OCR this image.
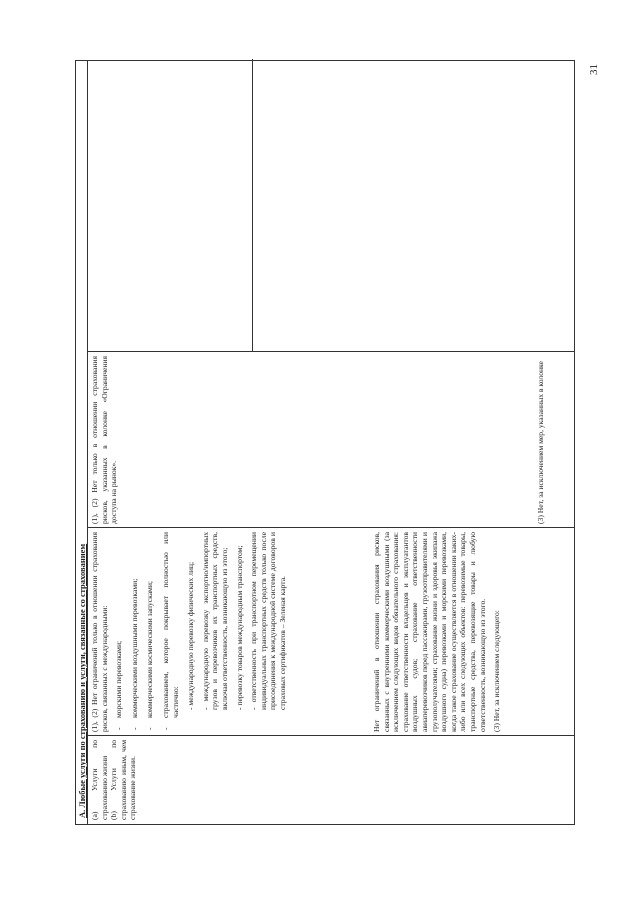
31
А. Любые услуги по страхованию и услуги, связанные со страхованием (a) Услуги по страхованию жизни (b) Услуги по страхованию иным, чем страхование жизни.

(1), (2) Нет ограничений только в отношении страхования рисков, связанных с международными: - морскими перевозками; - коммерческими воздушными перевозками; - коммерческими космическими запусками; - страхованием, которое покрывает полностью или частично: - международную перевозку физических лиц; - международную перевозку экспортно/импортных грузов и перевозчиков их транспортных средств, включая ответственность, возникающую из этого; - перевозку товаров международным транспортом; - ответственность при транспортном перемещении индивидуальных транспортных средств только после присоединения к международной системе договоров и страховых сертификатов – Зеленая карта.	Нет ограничений в отношении страхования рисков, связанных с внутренними коммерческими воздушными (за исключением следующих видов обязательного страхования: страхование ответственности владельцев и эксплуатантов воздушных судов; страхование ответственности авиаперевозчиков перед пассажирами, грузоотправителями и грузополучателями; страхование жизни и здоровья экипажа воздушного судна) перевозками и морскими перевозками, когда такое страхование осуществляется в отношении каких-либо или всех следующих объектов: перевозимые товары, транспортные средства, перевозящие товары и любую ответственность, возникающую из этого. (3) Нет, за исключением следующего:

(1), (2) Нет только в отношении страхования рисков, указанных в колонке «Ограничения доступа на рынок».	(3) Нет, за исключением мер, указанных в колонке
